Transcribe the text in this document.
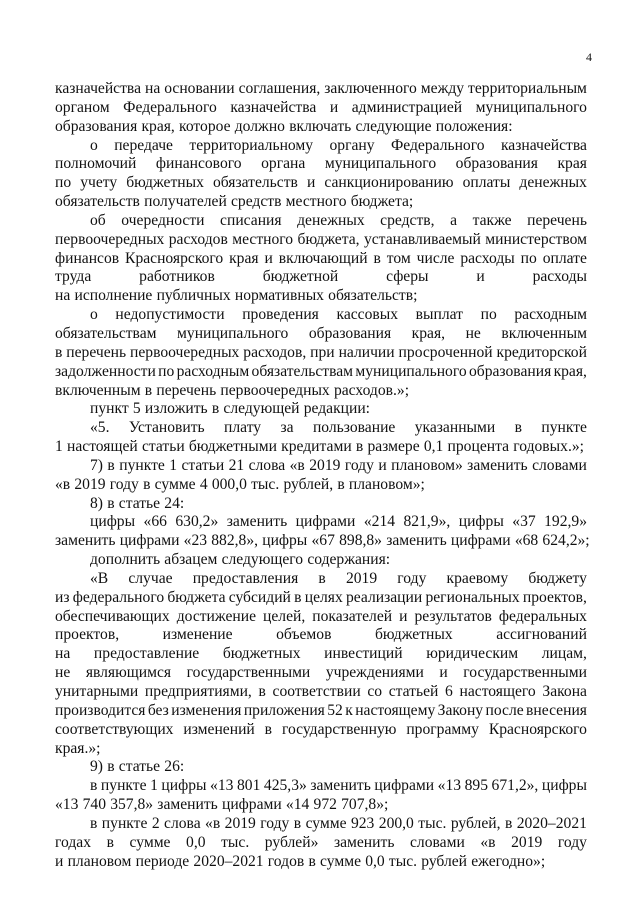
4
казначейства на основании соглашения, заключенного между территориальным
органом Федерального казначейства и администрацией муниципального
образования края, которое должно включать следующие положения:
о передаче территориальному органу Федерального казначейства
полномочий финансового органа муниципального образования края
по учету бюджетных обязательств и санкционированию оплаты денежных
обязательств получателей средств местного бюджета;
об очередности списания денежных средств, а также перечень
первоочередных расходов местного бюджета, устанавливаемый министерством
финансов Красноярского края и включающий в том числе расходы по оплате
труда	работников	бюджетной	сферы	и	расходы
на исполнение публичных нормативных обязательств;
о недопустимости проведения кассовых выплат по расходным
обязательствам муниципального образования края, не включенным
в перечень первоочередных расходов, при наличии просроченной кредиторской
задолженности по расходным обязательствам муниципального образования края,
включенным в перечень первоочередных расходов.»;
пункт 5 изложить в следующей редакции:
«5. Установить плату за пользование указанными в пункте
1 настоящей статьи бюджетными кредитами в размере 0,1 процента годовых.»;
7) в пункте 1 статьи 21 слова «в 2019 году и плановом» заменить словами
«в 2019 году в сумме 4 000,0 тыс. рублей, в плановом»;
8) в статье 24:
цифры «66 630,2» заменить цифрами «214 821,9», цифры «37 192,9»
заменить цифрами «23 882,8», цифры «67 898,8» заменить цифрами «68 624,2»;
дополнить абзацем следующего содержания:
«В случае предоставления в 2019 году краевому бюджету
из федерального бюджета субсидий в целях реализации региональных проектов,
обеспечивающих достижение целей, показателей и результатов федеральных
проектов,	изменение	объемов	бюджетных	ассигнований
на предоставление бюджетных инвестиций юридическим лицам,
не являющимся государственными учреждениями и государственными
унитарными предприятиями, в соответствии со статьей 6 настоящего Закона
производится без изменения приложения 52 к настоящему Закону после внесения
соответствующих изменений в государственную программу Красноярского
края.»;
9) в статье 26:
в пункте 1 цифры «13 801 425,3» заменить цифрами «13 895 671,2», цифры
«13 740 357,8» заменить цифрами «14 972 707,8»;
в пункте 2 слова «в 2019 году в сумме 923 200,0 тыс. рублей, в 2020–2021
годах в сумме 0,0 тыс. рублей» заменить словами «в 2019 году
и плановом периоде 2020–2021 годов в сумме 0,0 тыс. рублей ежегодно»;
